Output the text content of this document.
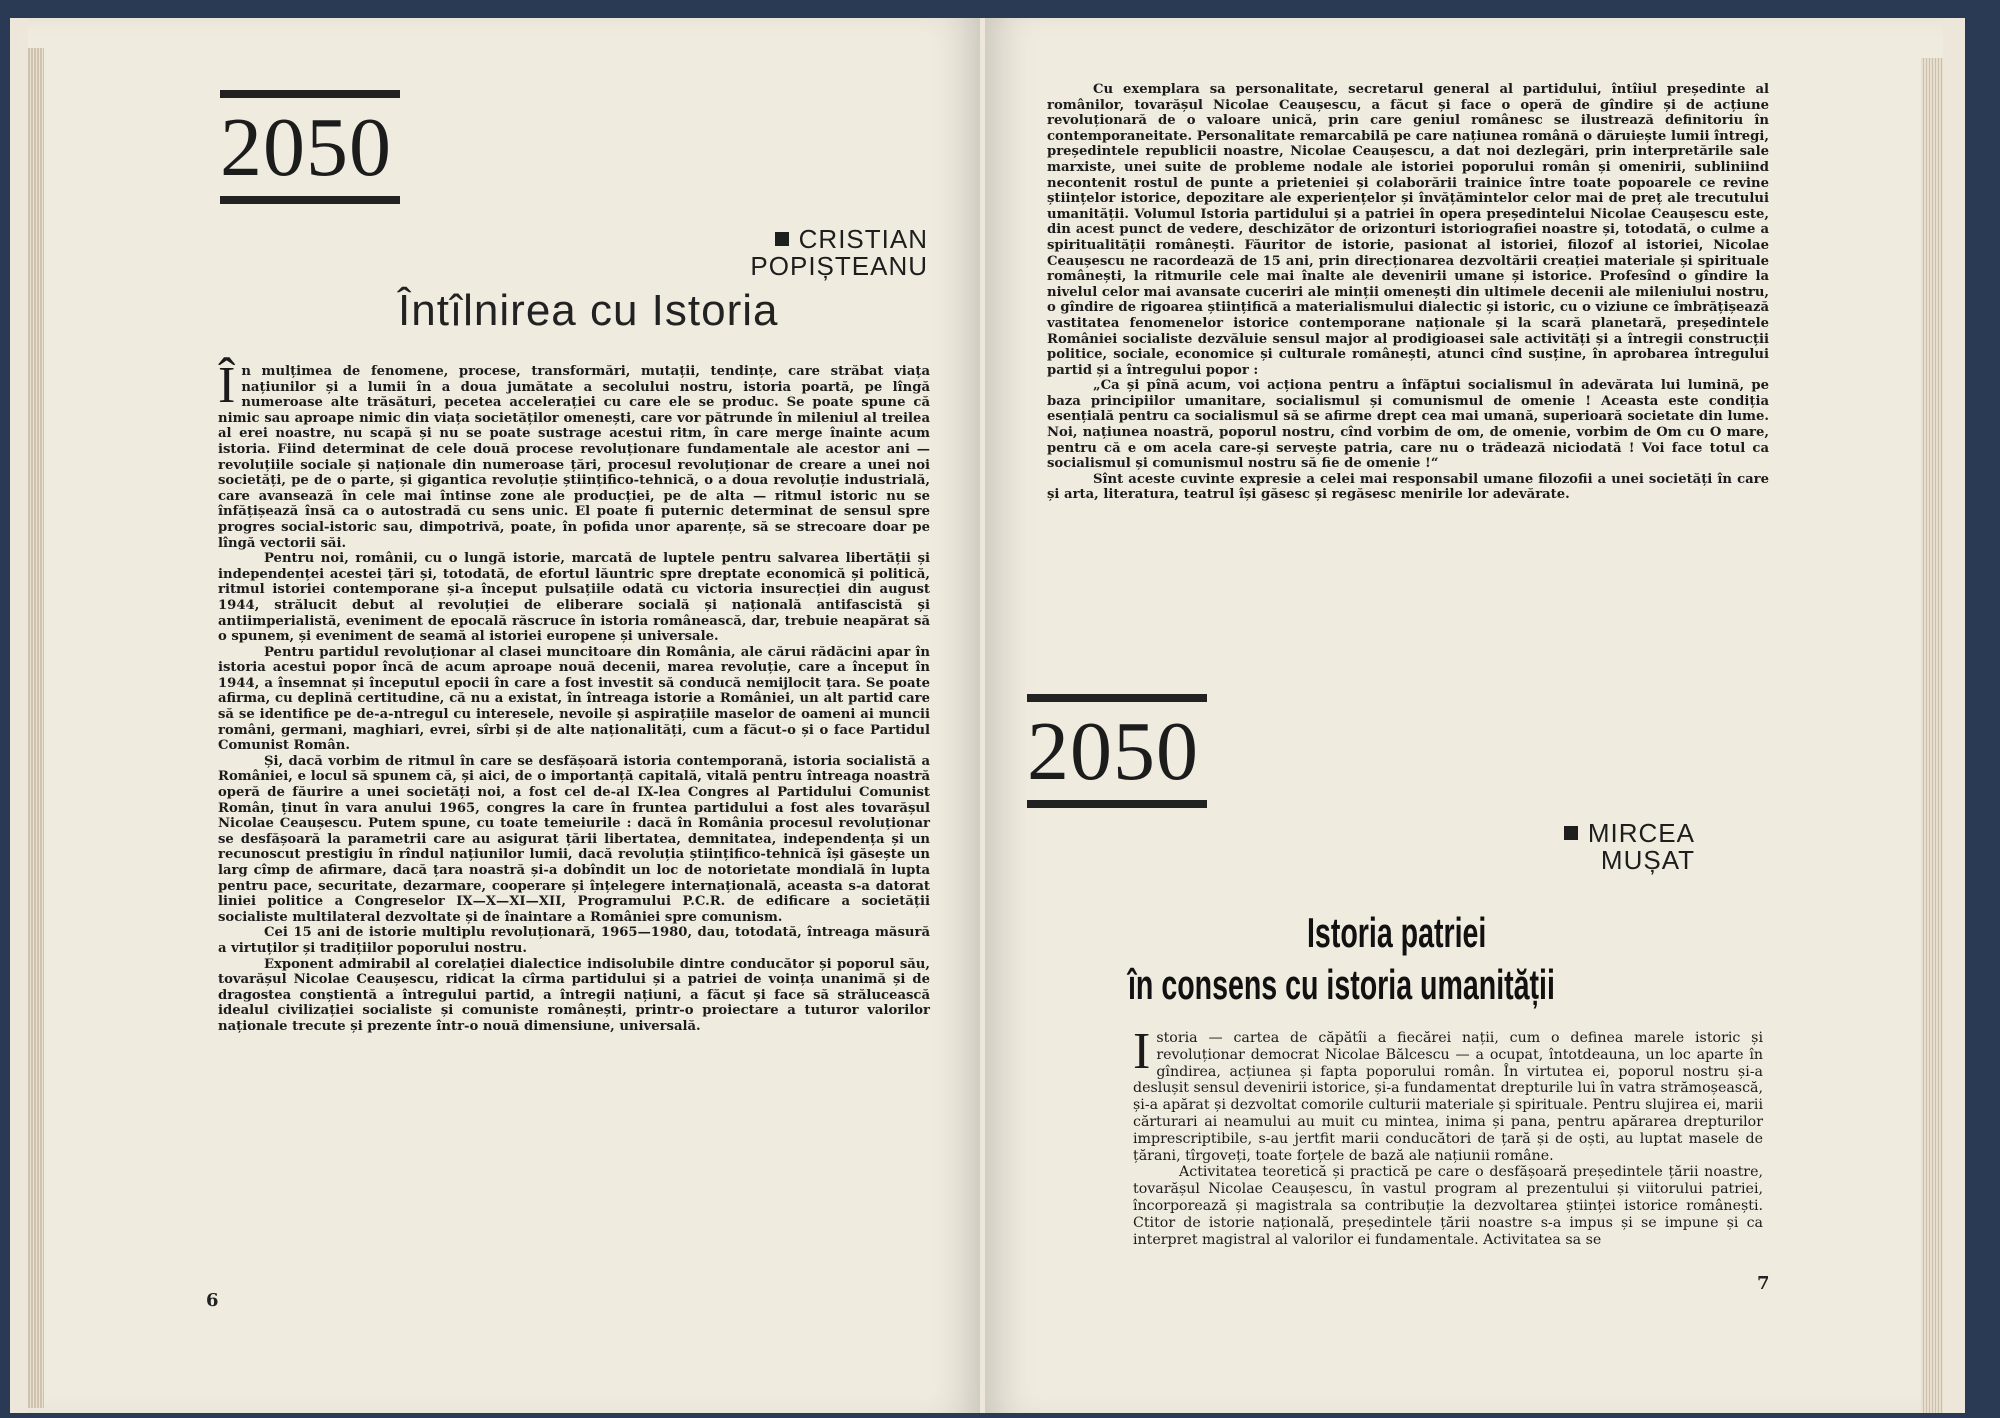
2050
CRISTIAN
POPIȘTEANU
Întîlnirea cu Istoria

În mulțimea de fenomene, procese, transformări, mutații, tendințe, care străbat viața națiunilor și a lumii în a doua jumătate a secolului nostru, istoria poartă, pe lîngă numeroase alte trăsături, pecetea accelerației cu care ele se produc. Se poate spune că nimic sau aproape nimic din viața societăților omenești, care vor pătrunde în mileniul al treilea al erei noastre, nu scapă și nu se poate sustrage acestui ritm, în care merge înainte acum istoria. Fiind determinat de cele două procese revoluționare fundamentale ale acestor ani — revoluțiile sociale și naționale din numeroase țări, procesul revoluționar de creare a unei noi societăți, pe de o parte, și gigantica revoluție științifico-tehnică, o a doua revoluție industrială, care avansează în cele mai întinse zone ale producției, pe de alta — ritmul istoric nu se înfățișează însă ca o autostradă cu sens unic. El poate fi puternic determinat de sensul spre progres social-istoric sau, dimpotrivă, poate, în pofida unor aparențe, să se strecoare doar pe lîngă vectorii săi.

Pentru noi, românii, cu o lungă istorie, marcată de luptele pentru salvarea libertății și independenței acestei țări și, totodată, de efortul lăuntric spre dreptate economică și politică, ritmul istoriei contemporane și-a început pulsațiile odată cu victoria insurecției din august 1944, strălucit debut al revoluției de eliberare socială și națională antifascistă și antiimperialistă, eveniment de epocală răscruce în istoria românească, dar, trebuie neapărat să o spunem, și eveniment de seamă al istoriei europene și universale.

Pentru partidul revoluționar al clasei muncitoare din România, ale cărui rădăcini apar în istoria acestui popor încă de acum aproape nouă decenii, marea revoluție, care a început în 1944, a însemnat și începutul epocii în care a fost investit să conducă nemijlocit țara. Se poate afirma, cu deplină certitudine, că nu a existat, în întreaga istorie a României, un alt partid care să se identifice pe de-a-ntregul cu interesele, nevoile și aspirațiile maselor de oameni ai muncii români, germani, maghiari, evrei, sîrbi și de alte naționalități, cum a făcut-o și o face Partidul Comunist Român.

Și, dacă vorbim de ritmul în care se desfășoară istoria contemporană, istoria socialistă a României, e locul să spunem că, și aici, de o importanță capitală, vitală pentru întreaga noastră operă de făurire a unei societăți noi, a fost cel de-al IX-lea Congres al Partidului Comunist Român, ținut în vara anului 1965, congres la care în fruntea partidului a fost ales tovarășul Nicolae Ceaușescu. Putem spune, cu toate temeiurile : dacă în România procesul revoluționar se desfășoară la parametrii care au asigurat țării libertatea, demnitatea, independența și un recunoscut prestigiu în rîndul națiunilor lumii, dacă revoluția științifico-tehnică își găsește un larg cîmp de afirmare, dacă țara noastră și-a dobîndit un loc de notorietate mondială în lupta pentru pace, securitate, dezarmare, cooperare și înțelegere internațională, aceasta s-a datorat liniei politice a Congreselor IX—X—XI—XII, Programului P.C.R. de edificare a societății socialiste multilateral dezvoltate și de înaintare a României spre comunism.

Cei 15 ani de istorie multiplu revoluționară, 1965—1980, dau, totodată, întreaga măsură a virtuților și tradițiilor poporului nostru.

Exponent admirabil al corelației dialectice indisolubile dintre conducător și poporul său, tovarășul Nicolae Ceaușescu, ridicat la cîrma partidului și a patriei de voința unanimă și de dragostea conștientă a întregului partid, a întregii națiuni, a făcut și face să strălucească idealul civilizației socialiste și comuniste românești, printr-o proiectare a tuturor valorilor naționale trecute și prezente într-o nouă dimensiune, universală.

6

Cu exemplara sa personalitate, secretarul general al partidului, întîiul președinte al românilor, tovarășul Nicolae Ceaușescu, a făcut și face o operă de gîndire și de acțiune revoluționară de o valoare unică, prin care geniul românesc se ilustrează definitoriu în contemporaneitate. Personalitate remarcabilă pe care națiunea română o dăruiește lumii întregi, președintele republicii noastre, Nicolae Ceaușescu, a dat noi dezlegări, prin interpretările sale marxiste, unei suite de probleme nodale ale istoriei poporului român și omenirii, subliniind necontenit rostul de punte a prieteniei și colaborării trainice între toate popoarele ce revine științelor istorice, depozitare ale experiențelor și învățămintelor celor mai de preț ale trecutului umanității. Volumul Istoria partidului și a patriei în opera președintelui Nicolae Ceaușescu este, din acest punct de vedere, deschizător de orizonturi istoriografiei noastre și, totodată, o culme a spiritualității românești. Făuritor de istorie, pasionat al istoriei, filozof al istoriei, Nicolae Ceaușescu ne racordează de 15 ani, prin direcționarea dezvoltării creației materiale și spirituale românești, la ritmurile cele mai înalte ale devenirii umane și istorice. Profesînd o gîndire la nivelul celor mai avansate cuceriri ale minții omenești din ultimele decenii ale mileniului nostru, o gîndire de rigoarea științifică a materialismului dialectic și istoric, cu o viziune ce îmbrățișează vastitatea fenomenelor istorice contemporane naționale și la scară planetară, președintele României socialiste dezvăluie sensul major al prodigioasei sale activități și a întregii construcții politice, sociale, economice și culturale românești, atunci cînd susține, în aprobarea întregului partid și a întregului popor :

„Ca și pînă acum, voi acționa pentru a înfăptui socialismul în adevărata lui lumină, pe baza principiilor umanitare, socialismul și comunismul de omenie ! Aceasta este condiția esențială pentru ca socialismul să se afirme drept cea mai umană, superioară societate din lume. Noi, națiunea noastră, poporul nostru, cînd vorbim de om, de omenie, vorbim de Om cu O mare, pentru că e om acela care-și servește patria, care nu o trădează niciodată ! Voi face totul ca socialismul și comunismul nostru să fie de omenie !“

Sînt aceste cuvinte expresie a celei mai responsabil umane filozofii a unei societăți în care și arta, literatura, teatrul își găsesc și regăsesc menirile lor adevărate.

2050
MIRCEA
MUȘAT
Istoria patriei
în consens cu istoria umanității

Istoria — cartea de căpătîi a fiecărei nații, cum o definea marele istoric și revoluționar democrat Nicolae Bălcescu — a ocupat, întotdeauna, un loc aparte în gîndirea, acțiunea și fapta poporului român. În virtutea ei, poporul nostru și-a deslușit sensul devenirii istorice, și-a fundamentat drepturile lui în vatra strămoșească, și-a apărat și dezvoltat comorile culturii materiale și spirituale. Pentru slujirea ei, marii cărturari ai neamului au muit cu mintea, inima și pana, pentru apărarea drepturilor imprescriptibile, s-au jertfit marii conducători de țară și de oști, au luptat masele de țărani, tîrgoveți, toate forțele de bază ale națiunii române.

Activitatea teoretică și practică pe care o desfășoară președintele țării noastre, tovarășul Nicolae Ceaușescu, în vastul program al prezentului și viitorului patriei, încorporează și magistrala sa contribuție la dezvoltarea științei istorice românești. Ctitor de istorie națională, președintele țării noastre s-a impus și se impune și ca interpret magistral al valorilor ei fundamentale. Activitatea sa se

7
